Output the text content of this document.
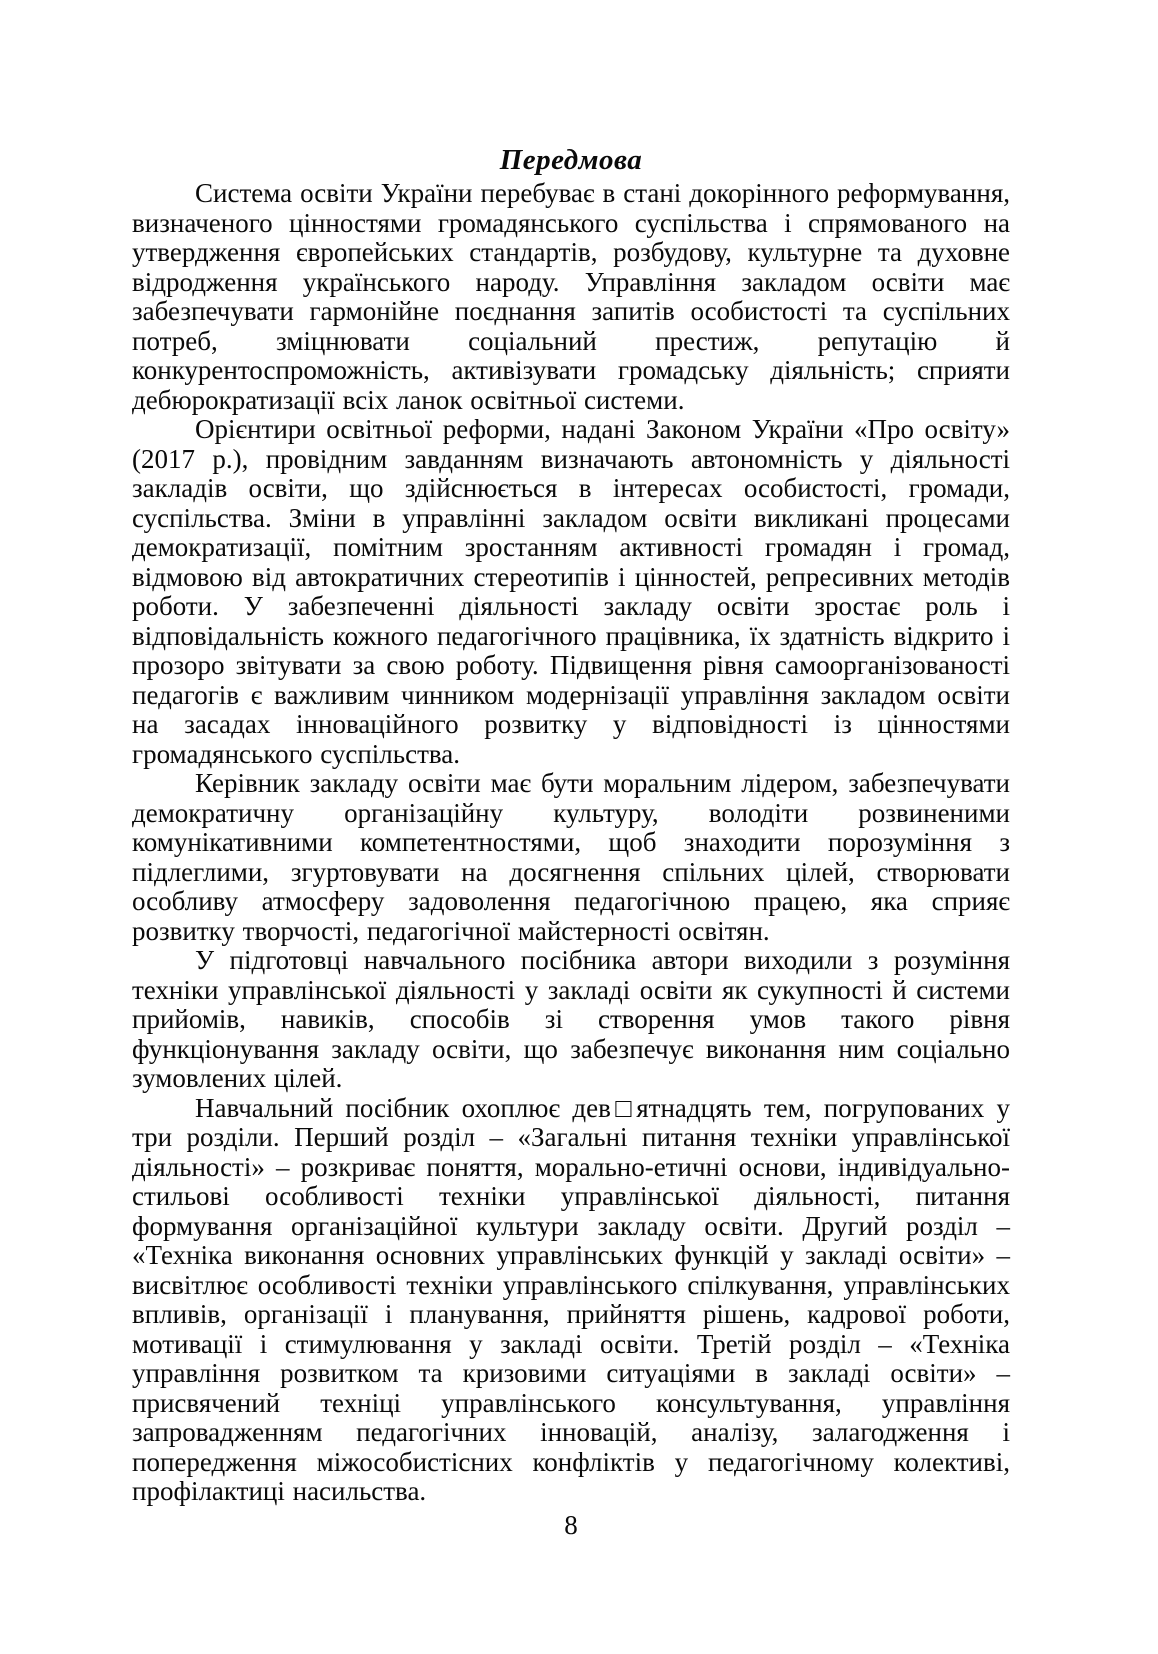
Передмова

Система освіти України перебуває в стані докорінного реформування, визначеного цінностями громадянського суспільства і спрямованого на утвердження європейських стандартів, розбудову, культурне та духовне відродження українського народу. Управління закладом освіти має забезпечувати гармонійне поєднання запитів особистості та суспільних потреб, зміцнювати соціальний престиж, репутацію й конкурентоспроможність, активізувати громадську діяльність; сприяти дебюрократизації всіх ланок освітньої системи.

Орієнтири освітньої реформи, надані Законом України «Про освіту» (2017 р.), провідним завданням визначають автономність у діяльності закладів освіти, що здійснюється в інтересах особистості, громади, суспільства. Зміни в управлінні закладом освіти викликані процесами демократизації, помітним зростанням активності громадян і громад, відмовою від автократичних стереотипів і цінностей, репресивних методів роботи. У забезпеченні діяльності закладу освіти зростає роль і відповідальність кожного педагогічного працівника, їх здатність відкрито і прозоро звітувати за свою роботу. Підвищення рівня самоорганізованості педагогів є важливим чинником модернізації управління закладом освіти на засадах інноваційного розвитку у відповідності із цінностями громадянського суспільства.

Керівник закладу освіти має бути моральним лідером, забезпечувати демократичну організаційну культуру, володіти розвиненими комунікативними компетентностями, щоб знаходити порозуміння з підлеглими, згуртовувати на досягнення спільних цілей, створювати особливу атмосферу задоволення педагогічною працею, яка сприяє розвитку творчості, педагогічної майстерності освітян.

У підготовці навчального посібника автори виходили з розуміння техніки управлінської діяльності у закладі освіти як сукупності й системи прийомів, навиків, способів зі створення умов такого рівня функціонування закладу освіти, що забезпечує виконання ним соціально зумовлених цілей.

Навчальний посібник охоплює дев□ятнадцять тем, погрупованих у три розділи. Перший розділ – «Загальні питання техніки управлінської діяльності» – розкриває поняття, морально-етичні основи, індивідуально-стильові особливості техніки управлінської діяльності, питання формування організаційної культури закладу освіти. Другий розділ – «Техніка виконання основних управлінських функцій у закладі освіти» – висвітлює особливості техніки управлінського спілкування, управлінських впливів, організації і планування, прийняття рішень, кадрової роботи, мотивації і стимулювання у закладі освіти. Третій розділ – «Техніка управління розвитком та кризовими ситуаціями в закладі освіти» – присвячений техніці управлінського консультування, управління запровадженням педагогічних інновацій, аналізу, залагодження і попередження міжособистісних конфліктів у педагогічному колективі, профілактиці насильства.

8
